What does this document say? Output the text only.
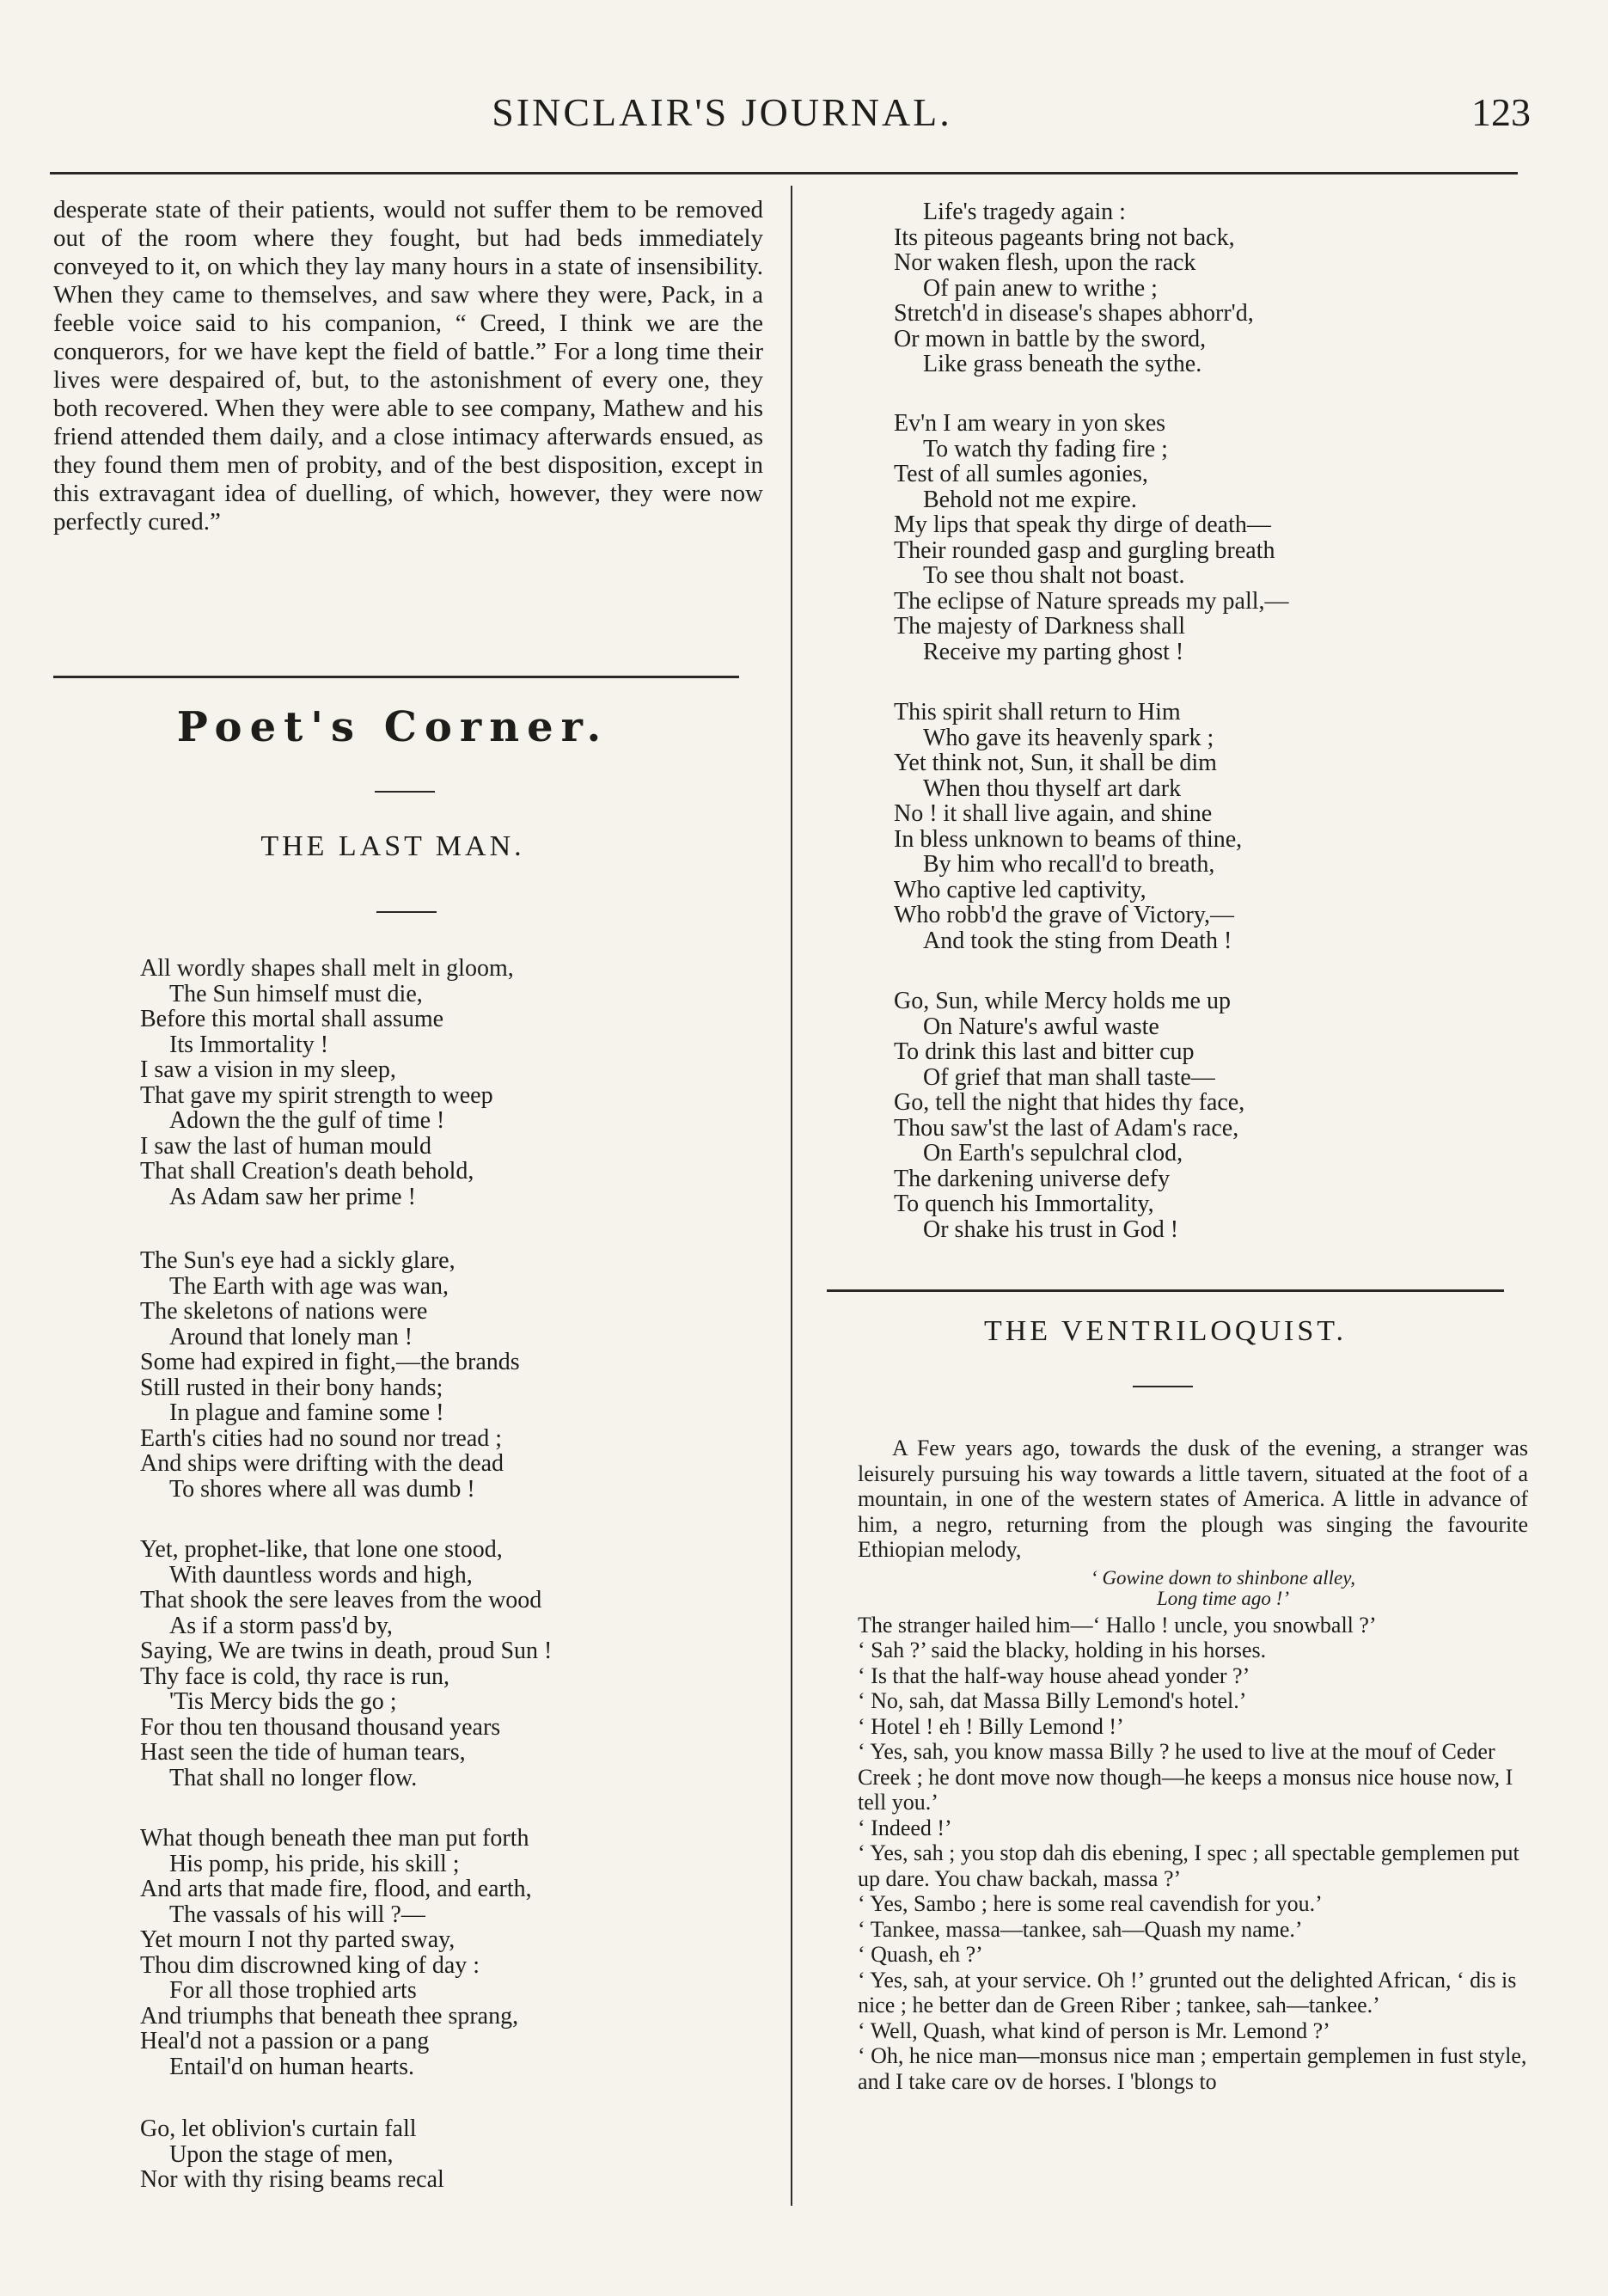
SINCLAIR'S JOURNAL.	123

desperate state of their patients, would not suffer them to be removed out of the room where they fought, but had beds immediately conveyed to it, on which they lay many hours in a state of insensibility. When they came to themselves, and saw where they were, Pack, in a feeble voice said to his companion, “ Creed, I think we are the conquerors, for we have kept the field of battle.” For a long time their lives were despaired of, but, to the astonishment of every one, they both recovered. When they were able to see company, Mathew and his friend attended them daily, and a close intimacy afterwards ensued, as they found them men of probity, and of the best disposition, except in this extravagant idea of duelling, of which, however, they were now perfectly cured.”

Poet's Corner.
THE LAST MAN.
All wordly shapes shall melt in gloom,
The Sun himself must die,
Before this mortal shall assume
Its Immortality !
I saw a vision in my sleep,
That gave my spirit strength to weep
Adown the the gulf of time !
I saw the last of human mould
That shall Creation's death behold,
As Adam saw her prime !
The Sun's eye had a sickly glare,
The Earth with age was wan,
The skeletons of nations were
Around that lonely man !
Some had expired in fight,—the brands
Still rusted in their bony hands;
In plague and famine some !
Earth's cities had no sound nor tread ;
And ships were drifting with the dead
To shores where all was dumb !
Yet, prophet-like, that lone one stood,
With dauntless words and high,
That shook the sere leaves from the wood
As if a storm pass'd by,
Saying, We are twins in death, proud Sun !
Thy face is cold, thy race is run,
'Tis Mercy bids the go ;
For thou ten thousand thousand years
Hast seen the tide of human tears,
That shall no longer flow.
What though beneath thee man put forth
His pomp, his pride, his skill ;
And arts that made fire, flood, and earth,
The vassals of his will ?—
Yet mourn I not thy parted sway,
Thou dim discrowned king of day :
For all those trophied arts
And triumphs that beneath thee sprang,
Heal'd not a passion or a pang
Entail'd on human hearts.
Go, let oblivion's curtain fall
Upon the stage of men,
Nor with thy rising beams recal
Life's tragedy again :
Its piteous pageants bring not back,
Nor waken flesh, upon the rack
Of pain anew to writhe ;
Stretch'd in disease's shapes abhorr'd,
Or mown in battle by the sword,
Like grass beneath the sythe.
Ev'n I am weary in yon skes
To watch thy fading fire ;
Test of all sumles agonies,
Behold not me expire.
My lips that speak thy dirge of death—
Their rounded gasp and gurgling breath
To see thou shalt not boast.
The eclipse of Nature spreads my pall,—
The majesty of Darkness shall
Receive my parting ghost !
This spirit shall return to Him
Who gave its heavenly spark ;
Yet think not, Sun, it shall be dim
When thou thyself art dark
No ! it shall live again, and shine
In bless unknown to beams of thine,
By him who recall'd to breath,
Who captive led captivity,
Who robb'd the grave of Victory,—
And took the sting from Death !
Go, Sun, while Mercy holds me up
On Nature's awful waste
To drink this last and bitter cup
Of grief that man shall taste—
Go, tell the night that hides thy face,
Thou saw'st the last of Adam's race,
On Earth's sepulchral clod,
The darkening universe defy
To quench his Immortality,
Or shake his trust in God !
THE VENTRILOQUIST.

A Few years ago, towards the dusk of the evening, a stranger was leisurely pursuing his way towards a little tavern, situated at the foot of a mountain, in one of the western states of America. A little in advance of him, a negro, returning from the plough was singing the favourite Ethiopian melody,

‘ Gowine down to shinbone alley,
Long time ago !’

The stranger hailed him—‘ Hallo ! uncle, you snowball ?’

‘ Sah ?’ said the blacky, holding in his horses.

‘ Is that the half-way house ahead yonder ?’

‘ No, sah, dat Massa Billy Lemond's hotel.’

‘ Hotel ! eh ! Billy Lemond !’

‘ Yes, sah, you know massa Billy ? he used to live at the mouf of Ceder Creek ; he dont move now though—he keeps a monsus nice house now, I tell you.’

‘ Indeed !’

‘ Yes, sah ; you stop dah dis ebening, I spec ; all spectable gemplemen put up dare. You chaw backah, massa ?’

‘ Yes, Sambo ; here is some real cavendish for you.’

‘ Tankee, massa—tankee, sah—Quash my name.’

‘ Quash, eh ?’

‘ Yes, sah, at your service. Oh !’ grunted out the delighted African, ‘ dis is nice ; he better dan de Green Riber ; tankee, sah—tankee.’

‘ Well, Quash, what kind of person is Mr. Lemond ?’

‘ Oh, he nice man—monsus nice man ; empertain gemplemen in fust style, and I take care ov de horses. I 'blongs to
